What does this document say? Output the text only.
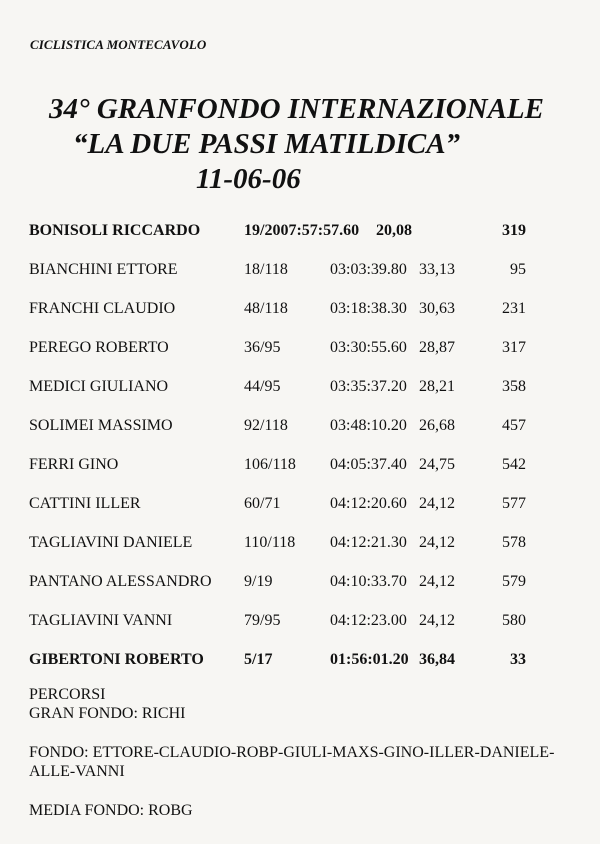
CICLISTICA MONTECAVOLO
34° GRANFONDO INTERNAZIONALE
“LA DUE PASSI MATILDICA”
11-06-06
BONISOLI RICCARDO	19/2007:57:57.60 20,08	319
BIANCHINI ETTORE	18/118	03:03:39.80 33,13	95
FRANCHI CLAUDIO	48/118	03:18:38.30 30,63	231
PEREGO ROBERTO	36/95	03:30:55.60 28,87	317
MEDICI GIULIANO	44/95	03:35:37.20 28,21	358
SOLIMEI MASSIMO	92/118	03:48:10.20 26,68	457
FERRI GINO	106/118 04:05:37.40 24,75	542
CATTINI ILLER	60/71	04:12:20.60 24,12	577
TAGLIAVINI DANIELE	110/118 04:12:21.30 24,12	578
PANTANO ALESSANDRO 9/19	04:10:33.70 24,12	579
TAGLIAVINI VANNI	79/95	04:12:23.00 24,12	580
GIBERTONI ROBERTO	5/17	01:56:01.20 36,84	33
PERCORSI
GRAN FONDO: RICHI
FONDO: ETTORE-CLAUDIO-ROBP-GIULI-MAXS-GINO-ILLER-DANIELE-
ALLE-VANNI
MEDIA FONDO: ROBG
